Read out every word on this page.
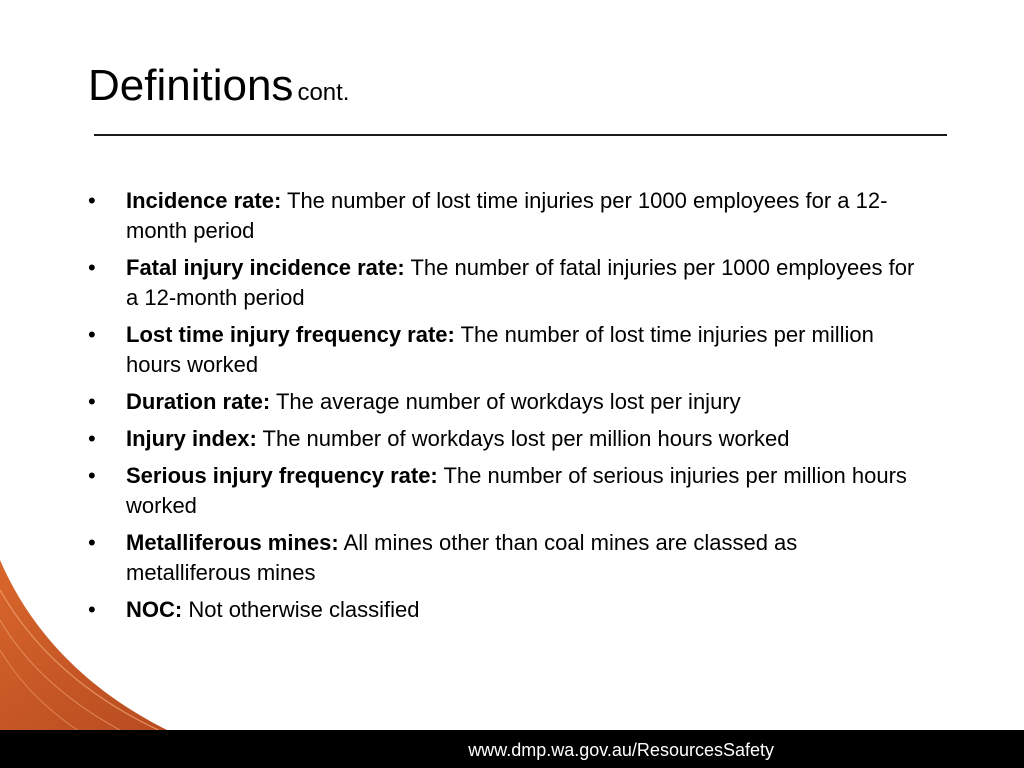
Definitions cont.
• Incidence rate: The number of lost time injuries per 1000 employees for a 12-month period
• Fatal injury incidence rate: The number of fatal injuries per 1000 employees for a 12-month period
• Lost time injury frequency rate: The number of lost time injuries per million hours worked
• Duration rate: The average number of workdays lost per injury
• Injury index: The number of workdays lost per million hours worked
• Serious injury frequency rate: The number of serious injuries per million hours worked
• Metalliferous mines: All mines other than coal mines are classed as metalliferous mines
• NOC: Not otherwise classified
www.dmp.wa.gov.au/ResourcesSafety
